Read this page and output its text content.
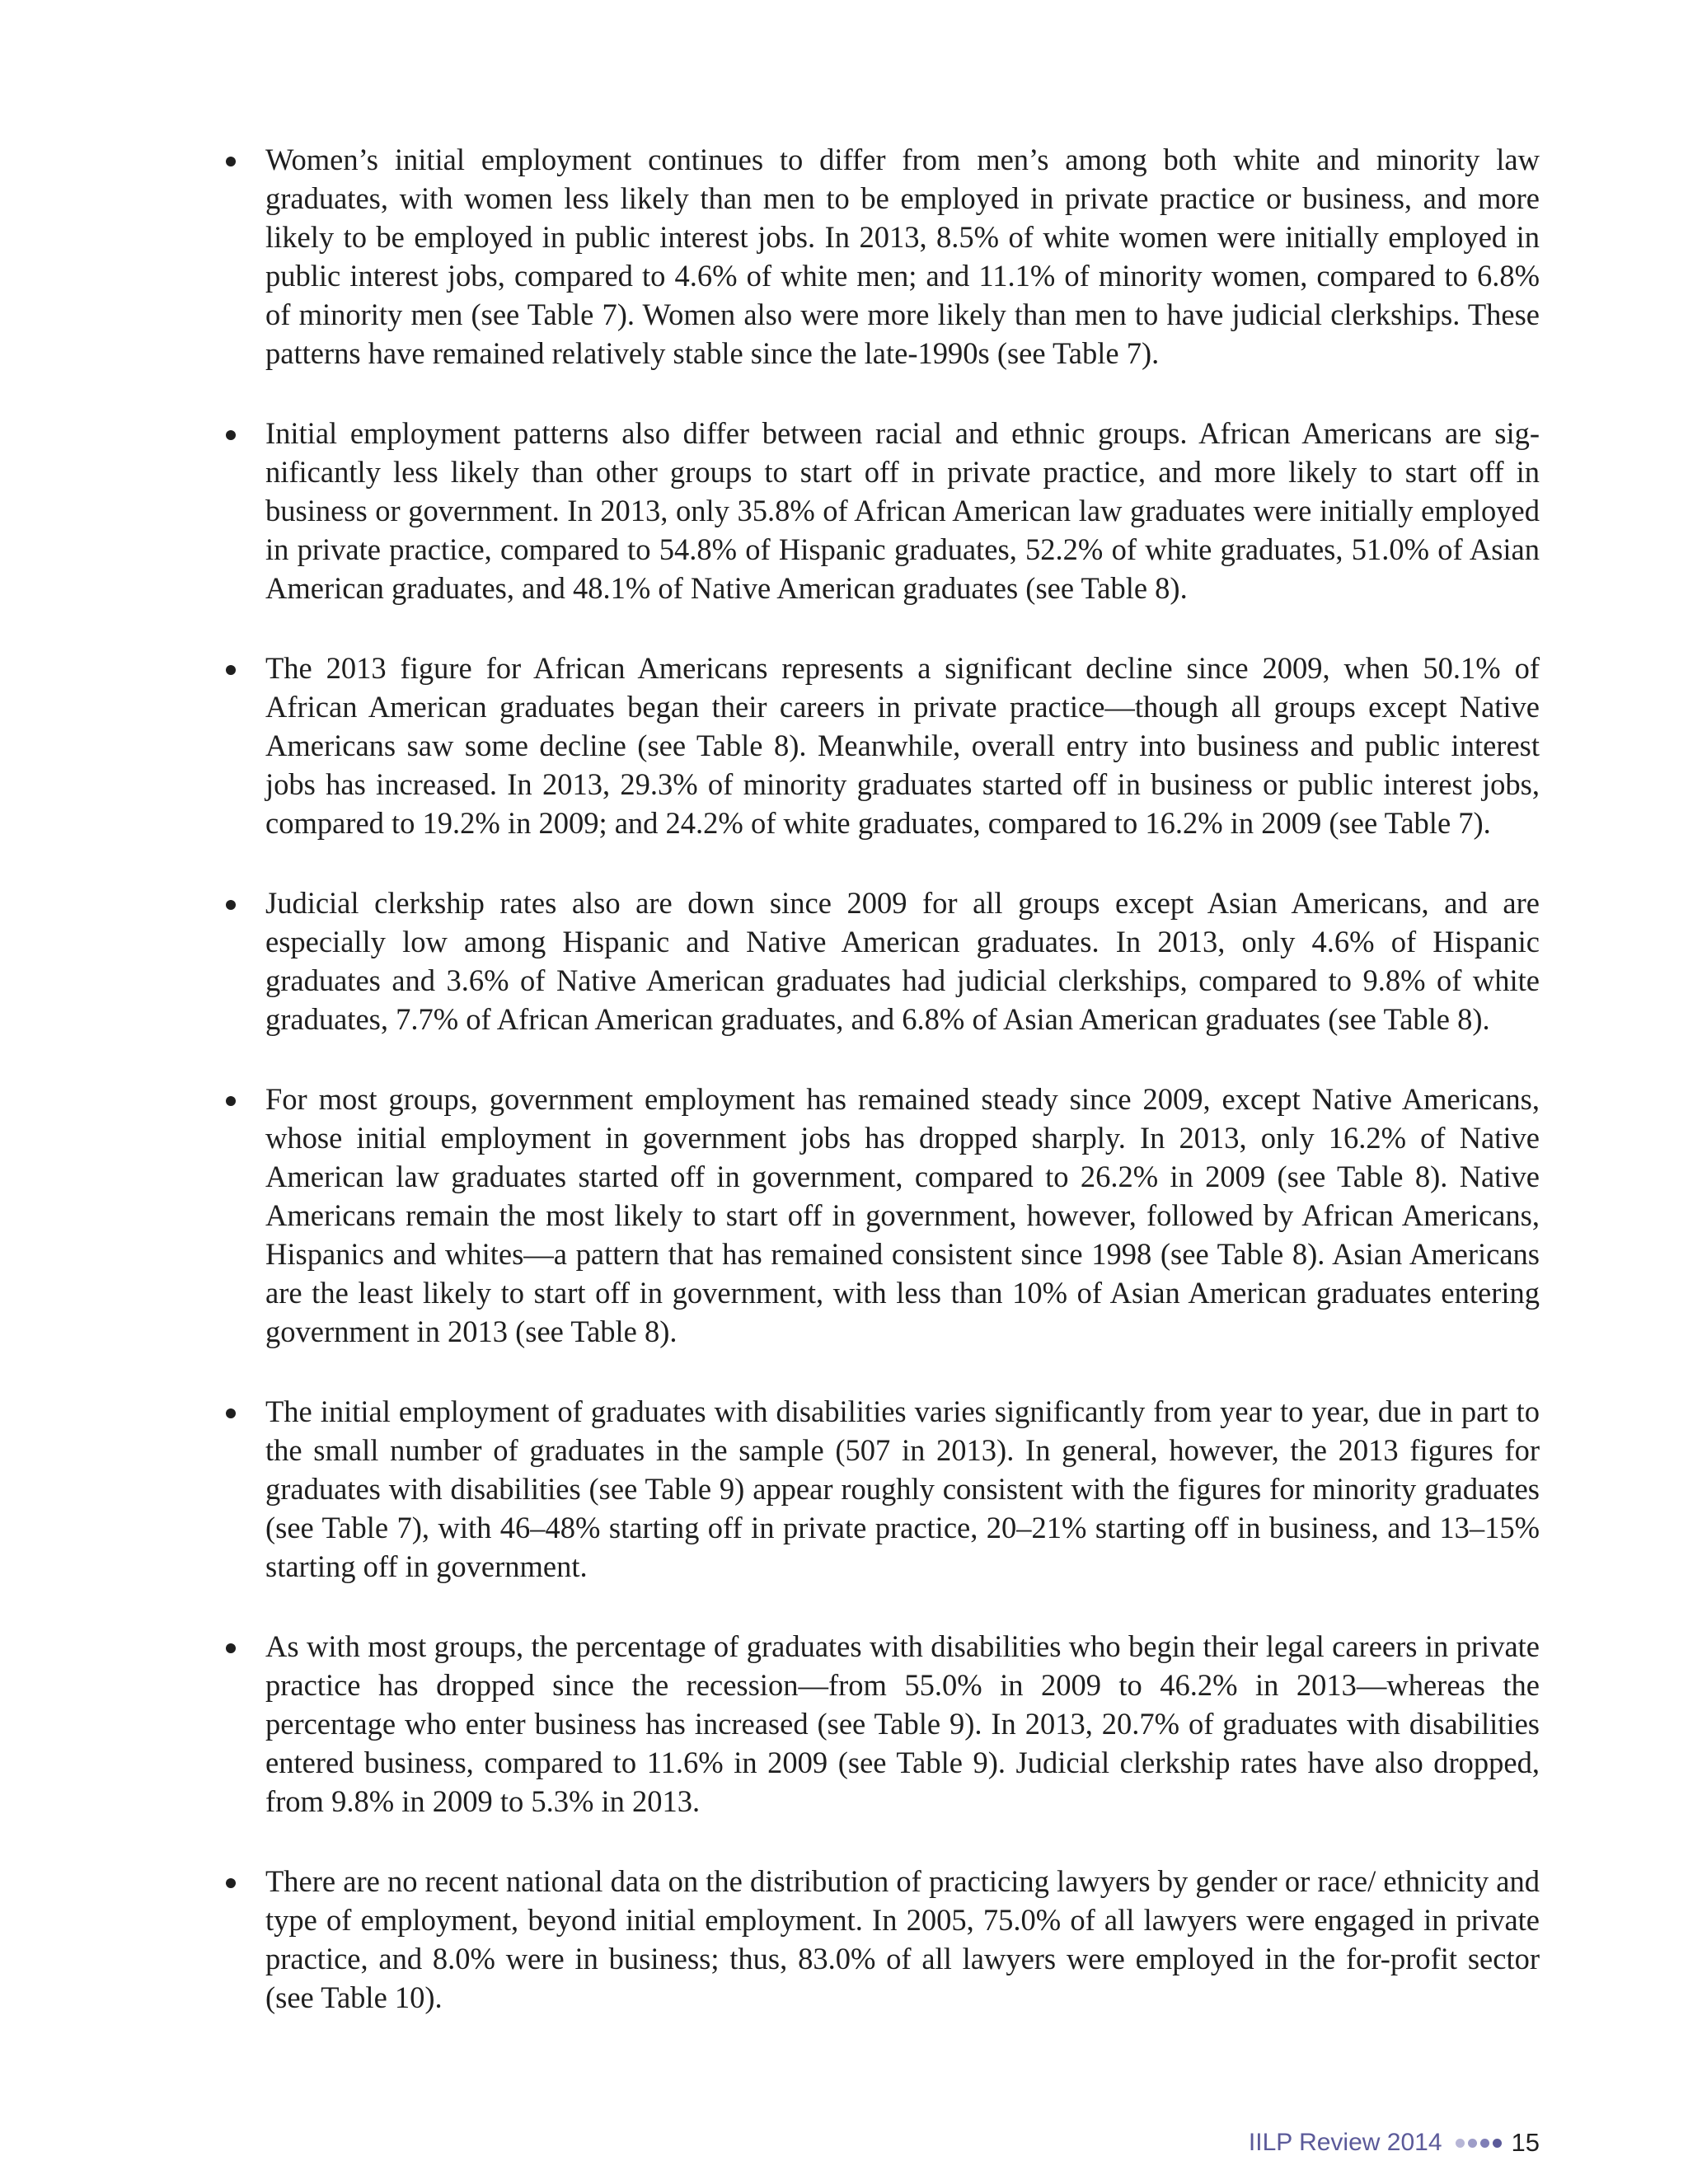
Women’s initial employment continues to differ from men’s among both white and minority law graduates, with women less likely than men to be employed in private practice or business, and more likely to be employed in public interest jobs. In 2013, 8.5% of white women were initially employed in public interest jobs, compared to 4.6% of white men; and 11.1% of minority women, compared to 6.8% of minority men (see Table 7). Women also were more likely than men to have judicial clerkships. These patterns have remained relatively stable since the late-1990s (see Table 7).
Initial employment patterns also differ between racial and ethnic groups. African Americans are significantly less likely than other groups to start off in private practice, and more likely to start off in business or government. In 2013, only 35.8% of African American law graduates were initially employed in private practice, compared to 54.8% of Hispanic graduates, 52.2% of white graduates, 51.0% of Asian American graduates, and 48.1% of Native American graduates (see Table 8).
The 2013 figure for African Americans represents a significant decline since 2009, when 50.1% of African American graduates began their careers in private practice—though all groups except Native Americans saw some decline (see Table 8). Meanwhile, overall entry into business and public interest jobs has increased. In 2013, 29.3% of minority graduates started off in business or public interest jobs, compared to 19.2% in 2009; and 24.2% of white graduates, compared to 16.2% in 2009 (see Table 7).
Judicial clerkship rates also are down since 2009 for all groups except Asian Americans, and are especially low among Hispanic and Native American graduates. In 2013, only 4.6% of Hispanic graduates and 3.6% of Native American graduates had judicial clerkships, compared to 9.8% of white graduates, 7.7% of African American graduates, and 6.8% of Asian American graduates (see Table 8).
For most groups, government employment has remained steady since 2009, except Native Americans, whose initial employment in government jobs has dropped sharply. In 2013, only 16.2% of Native American law graduates started off in government, compared to 26.2% in 2009 (see Table 8). Native Americans remain the most likely to start off in government, however, followed by African Americans, Hispanics and whites—a pattern that has remained consistent since 1998 (see Table 8). Asian Americans are the least likely to start off in government, with less than 10% of Asian American graduates entering government in 2013 (see Table 8).
The initial employment of graduates with disabilities varies significantly from year to year, due in part to the small number of graduates in the sample (507 in 2013). In general, however, the 2013 figures for graduates with disabilities (see Table 9) appear roughly consistent with the figures for minority graduates (see Table 7), with 46–48% starting off in private practice, 20–21% starting off in business, and 13–15% starting off in government.
As with most groups, the percentage of graduates with disabilities who begin their legal careers in private practice has dropped since the recession—from 55.0% in 2009 to 46.2% in 2013—whereas the percentage who enter business has increased (see Table 9). In 2013, 20.7% of graduates with disabilities entered business, compared to 11.6% in 2009 (see Table 9). Judicial clerkship rates have also dropped, from 9.8% in 2009 to 5.3% in 2013.
There are no recent national data on the distribution of practicing lawyers by gender or race/ ethnicity and type of employment, beyond initial employment. In 2005, 75.0% of all lawyers were engaged in private practice, and 8.0% were in business; thus, 83.0% of all lawyers were employed in the for-profit sector (see Table 10).
IILP Review 2014	15
